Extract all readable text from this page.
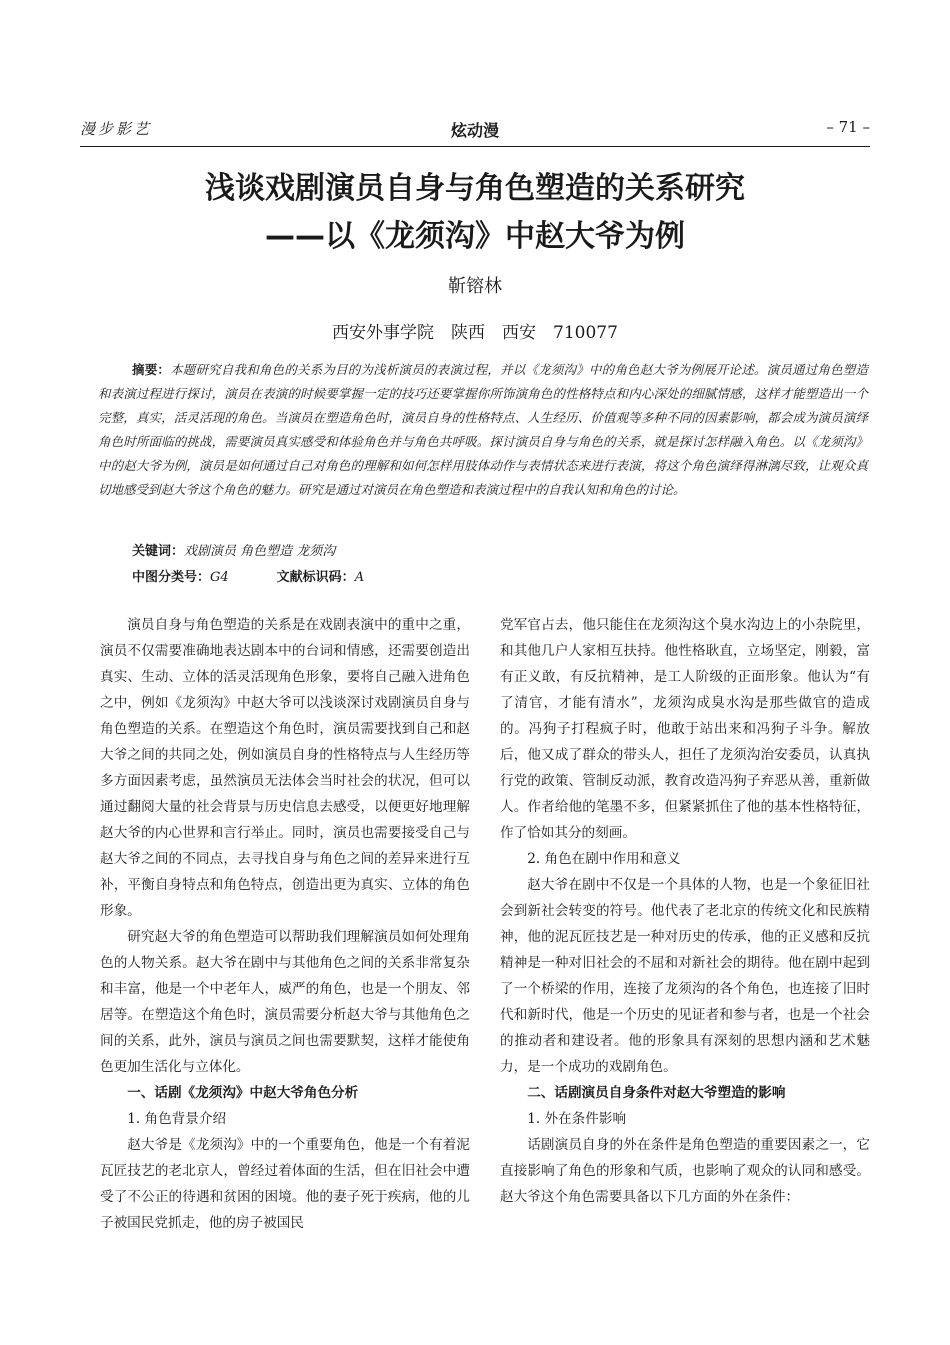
漫步影艺	炫动漫	– 71 –
浅谈戏剧演员自身与角色塑造的关系研究
——以《龙须沟》中赵大爷为例
靳镕林
西安外事学院　陕西　西安　710077
摘要：本题研究自我和角色的关系为目的为浅析演员的表演过程，并以《龙须沟》中的角色赵大爷为例展开论述。演员通过角色塑造和表演过程进行探讨，演员在表演的时候要掌握一定的技巧还要掌握你所饰演角色的性格特点和内心深处的细腻情感，这样才能塑造出一个完整，真实，活灵活现的角色。当演员在塑造角色时，演员自身的性格特点、人生经历、价值观等多种不同的因素影响，都会成为演员演绎角色时所面临的挑战，需要演员真实感受和体验角色并与角色共呼吸。探讨演员自身与角色的关系，就是探讨怎样融入角色。以《龙须沟》中的赵大爷为例，演员是如何通过自己对角色的理解和如何怎样用肢体动作与表情状态来进行表演，将这个角色演绎得淋漓尽致，让观众真切地感受到赵大爷这个角色的魅力。研究是通过对演员在角色塑造和表演过程中的自我认知和角色的讨论。
关键词：戏剧演员 角色塑造 龙须沟
中图分类号：G4	文献标识码：A

演员自身与角色塑造的关系是在戏剧表演中的重中之重，演员不仅需要准确地表达剧本中的台词和情感，还需要创造出真实、生动、立体的活灵活现角色形象，要将自己融入进角色之中，例如《龙须沟》中赵大爷可以浅谈深讨戏剧演员自身与角色塑造的关系。在塑造这个角色时，演员需要找到自己和赵大爷之间的共同之处，例如演员自身的性格特点与人生经历等多方面因素考虑，虽然演员无法体会当时社会的状况，但可以通过翻阅大量的社会背景与历史信息去感受，以便更好地理解赵大爷的内心世界和言行举止。同时，演员也需要接受自己与赵大爷之间的不同点，去寻找自身与角色之间的差异来进行互补，平衡自身特点和角色特点，创造出更为真实、立体的角色形象。

研究赵大爷的角色塑造可以帮助我们理解演员如何处理角色的人物关系。赵大爷在剧中与其他角色之间的关系非常复杂和丰富，他是一个中老年人，威严的角色，也是一个朋友、邻居等。在塑造这个角色时，演员需要分析赵大爷与其他角色之间的关系，此外，演员与演员之间也需要默契，这样才能使角色更加生活化与立体化。

一、话剧《龙须沟》中赵大爷角色分析
1. 角色背景介绍

赵大爷是《龙须沟》中的一个重要角色，他是一个有着泥瓦匠技艺的老北京人，曾经过着体面的生活，但在旧社会中遭受了不公正的待遇和贫困的困境。他的妻子死于疾病，他的儿子被国民党抓走，他的房子被国民

党军官占去，他只能住在龙须沟这个臭水沟边上的小杂院里，和其他几户人家相互扶持。他性格耿直，立场坚定，刚毅，富有正义敢，有反抗精神，是工人阶级的正面形象。他认为“有了清官，才能有清水”，龙须沟成臭水沟是那些做官的造成的。冯狗子打程疯子时，他敢于站出来和冯狗子斗争。解放后，他又成了群众的带头人，担任了龙须沟治安委员，认真执行党的政策、管制反动派，教育改造冯狗子弃恶从善，重新做人。作者给他的笔墨不多，但紧紧抓住了他的基本性格特征，作了恰如其分的刻画。

2. 角色在剧中作用和意义

赵大爷在剧中不仅是一个具体的人物，也是一个象征旧社会到新社会转变的符号。他代表了老北京的传统文化和民族精神，他的泥瓦匠技艺是一种对历史的传承，他的正义感和反抗精神是一种对旧社会的不屈和对新社会的期待。他在剧中起到了一个桥梁的作用，连接了龙须沟的各个角色，也连接了旧时代和新时代，他是一个历史的见证者和参与者，也是一个社会的推动者和建设者。他的形象具有深刻的思想内涵和艺术魅力，是一个成功的戏剧角色。

二、话剧演员自身条件对赵大爷塑造的影响
1. 外在条件影响

话剧演员自身的外在条件是角色塑造的重要因素之一，它直接影响了角色的形象和气质，也影响了观众的认同和感受。赵大爷这个角色需要具备以下几方面的外在条件：
